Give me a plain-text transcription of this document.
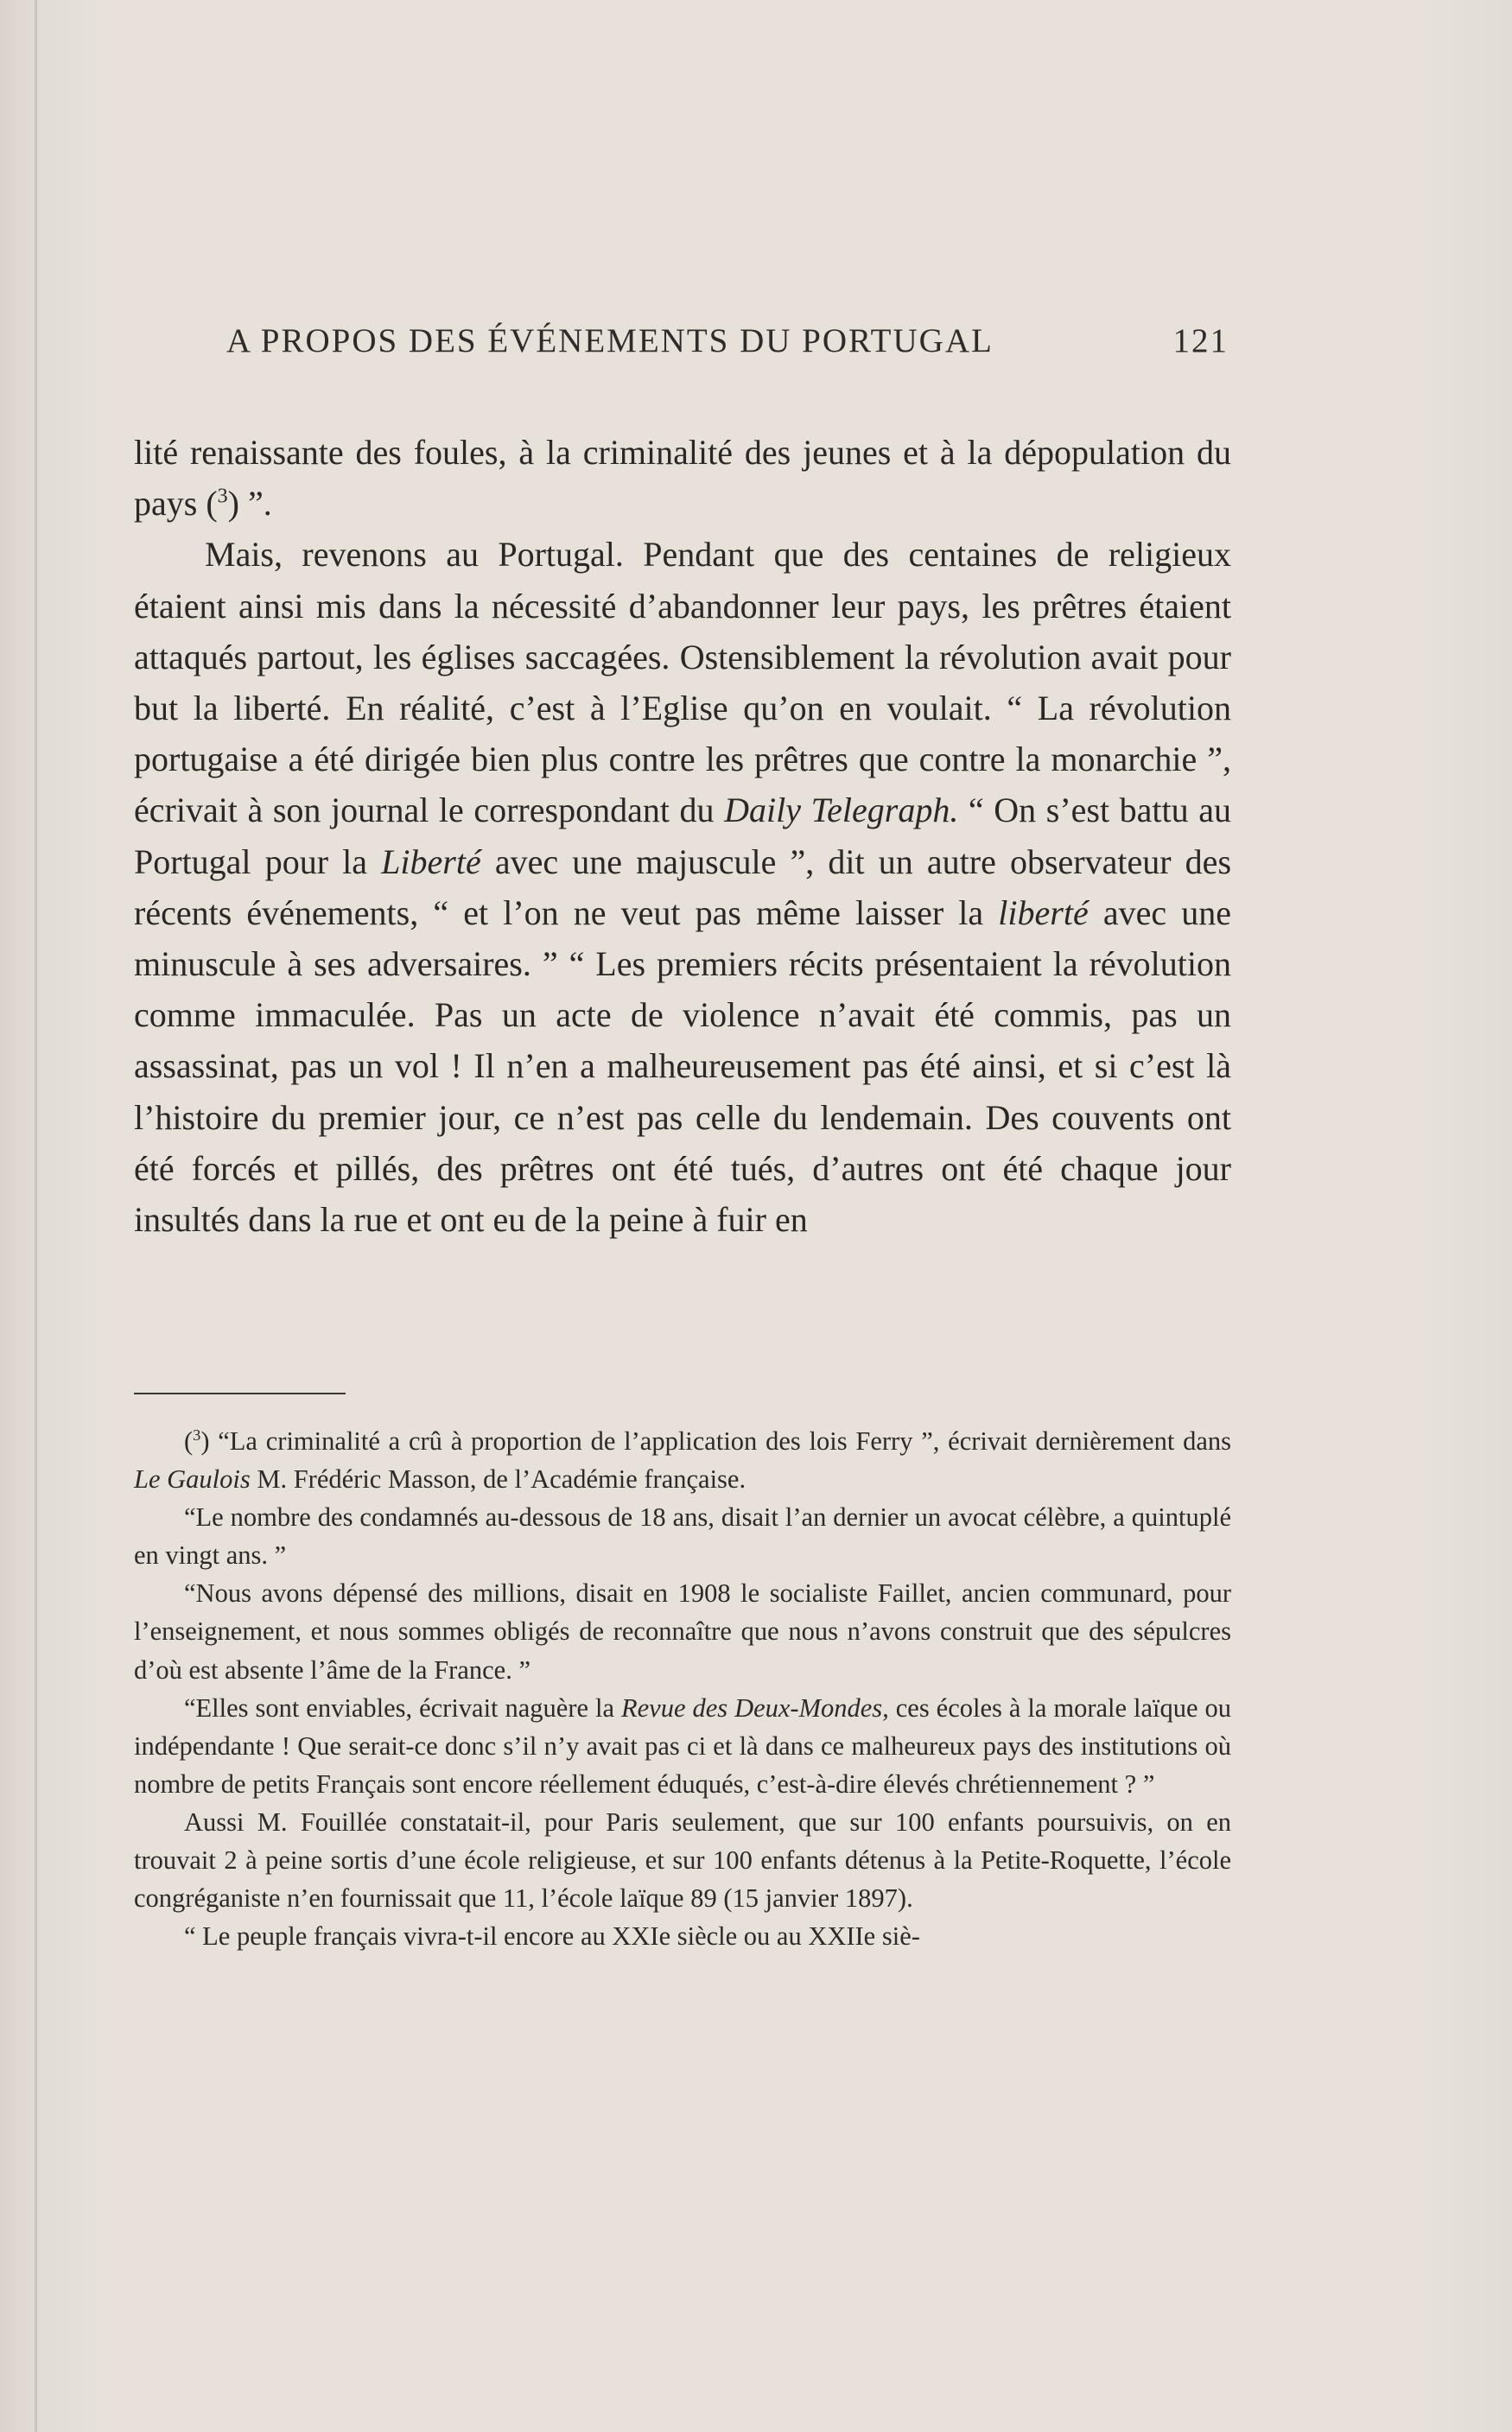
A PROPOS DES ÉVÉNEMENTS DU PORTUGAL	121

lité renaissante des foules, à la criminalité des jeunes et à la dépopulation du pays ($^3$) ”.

Mais, revenons au Portugal. Pendant que des centaines de religieux étaient ainsi mis dans la nécessité d’abandonner leur pays, les prêtres étaient attaqués partout, les églises saccagées. Ostensiblement la révolution avait pour but la liberté. En réalité, c’est à l’Eglise qu’on en voulait. “ La révolution portugaise a été dirigée bien plus contre les prêtres que contre la monarchie ”, écrivait à son journal le correspondant du Daily Telegraph. “ On s’est battu au Portugal pour la Liberté avec une majuscule ”, dit un autre observateur des récents événements, “ et l’on ne veut pas même laisser la liberté avec une minuscule à ses adversaires. ” “ Les premiers récits présentaient la révolution comme immaculée. Pas un acte de violence n’avait été commis, pas un assassinat, pas un vol ! Il n’en a malheureusement pas été ainsi, et si c’est là l’histoire du premier jour, ce n’est pas celle du lendemain. Des couvents ont été forcés et pillés, des prêtres ont été tués, d’autres ont été chaque jour insultés dans la rue et ont eu de la peine à fuir en

($^3$) “La criminalité a crû à proportion de l’application des lois Ferry ”, écrivait dernièrement dans Le Gaulois M. Frédéric Masson, de l’Académie française.

“Le nombre des condamnés au-dessous de 18 ans, disait l’an dernier un avocat célèbre, a quintuplé en vingt ans. ”

“Nous avons dépensé des millions, disait en 1908 le socialiste Faillet, ancien communard, pour l’enseignement, et nous sommes obligés de reconnaître que nous n’avons construit que des sépulcres d’où est absente l’âme de la France. ”

“Elles sont enviables, écrivait naguère la Revue des Deux-Mondes, ces écoles à la morale laïque ou indépendante ! Que serait-ce donc s’il n’y avait pas ci et là dans ce malheureux pays des institutions où nombre de petits Français sont encore réellement éduqués, c’est-à-dire élevés chrétiennement ? ”

Aussi M. Fouillée constatait-il, pour Paris seulement, que sur 100 enfants poursuivis, on en trouvait 2 à peine sortis d’une école religieuse, et sur 100 enfants détenus à la Petite-Roquette, l’école congréganiste n’en fournissait que 11, l’école laïque 89 (15 janvier 1897).

“ Le peuple français vivra-t-il encore au XXIe siècle ou au XXIIe siè-
